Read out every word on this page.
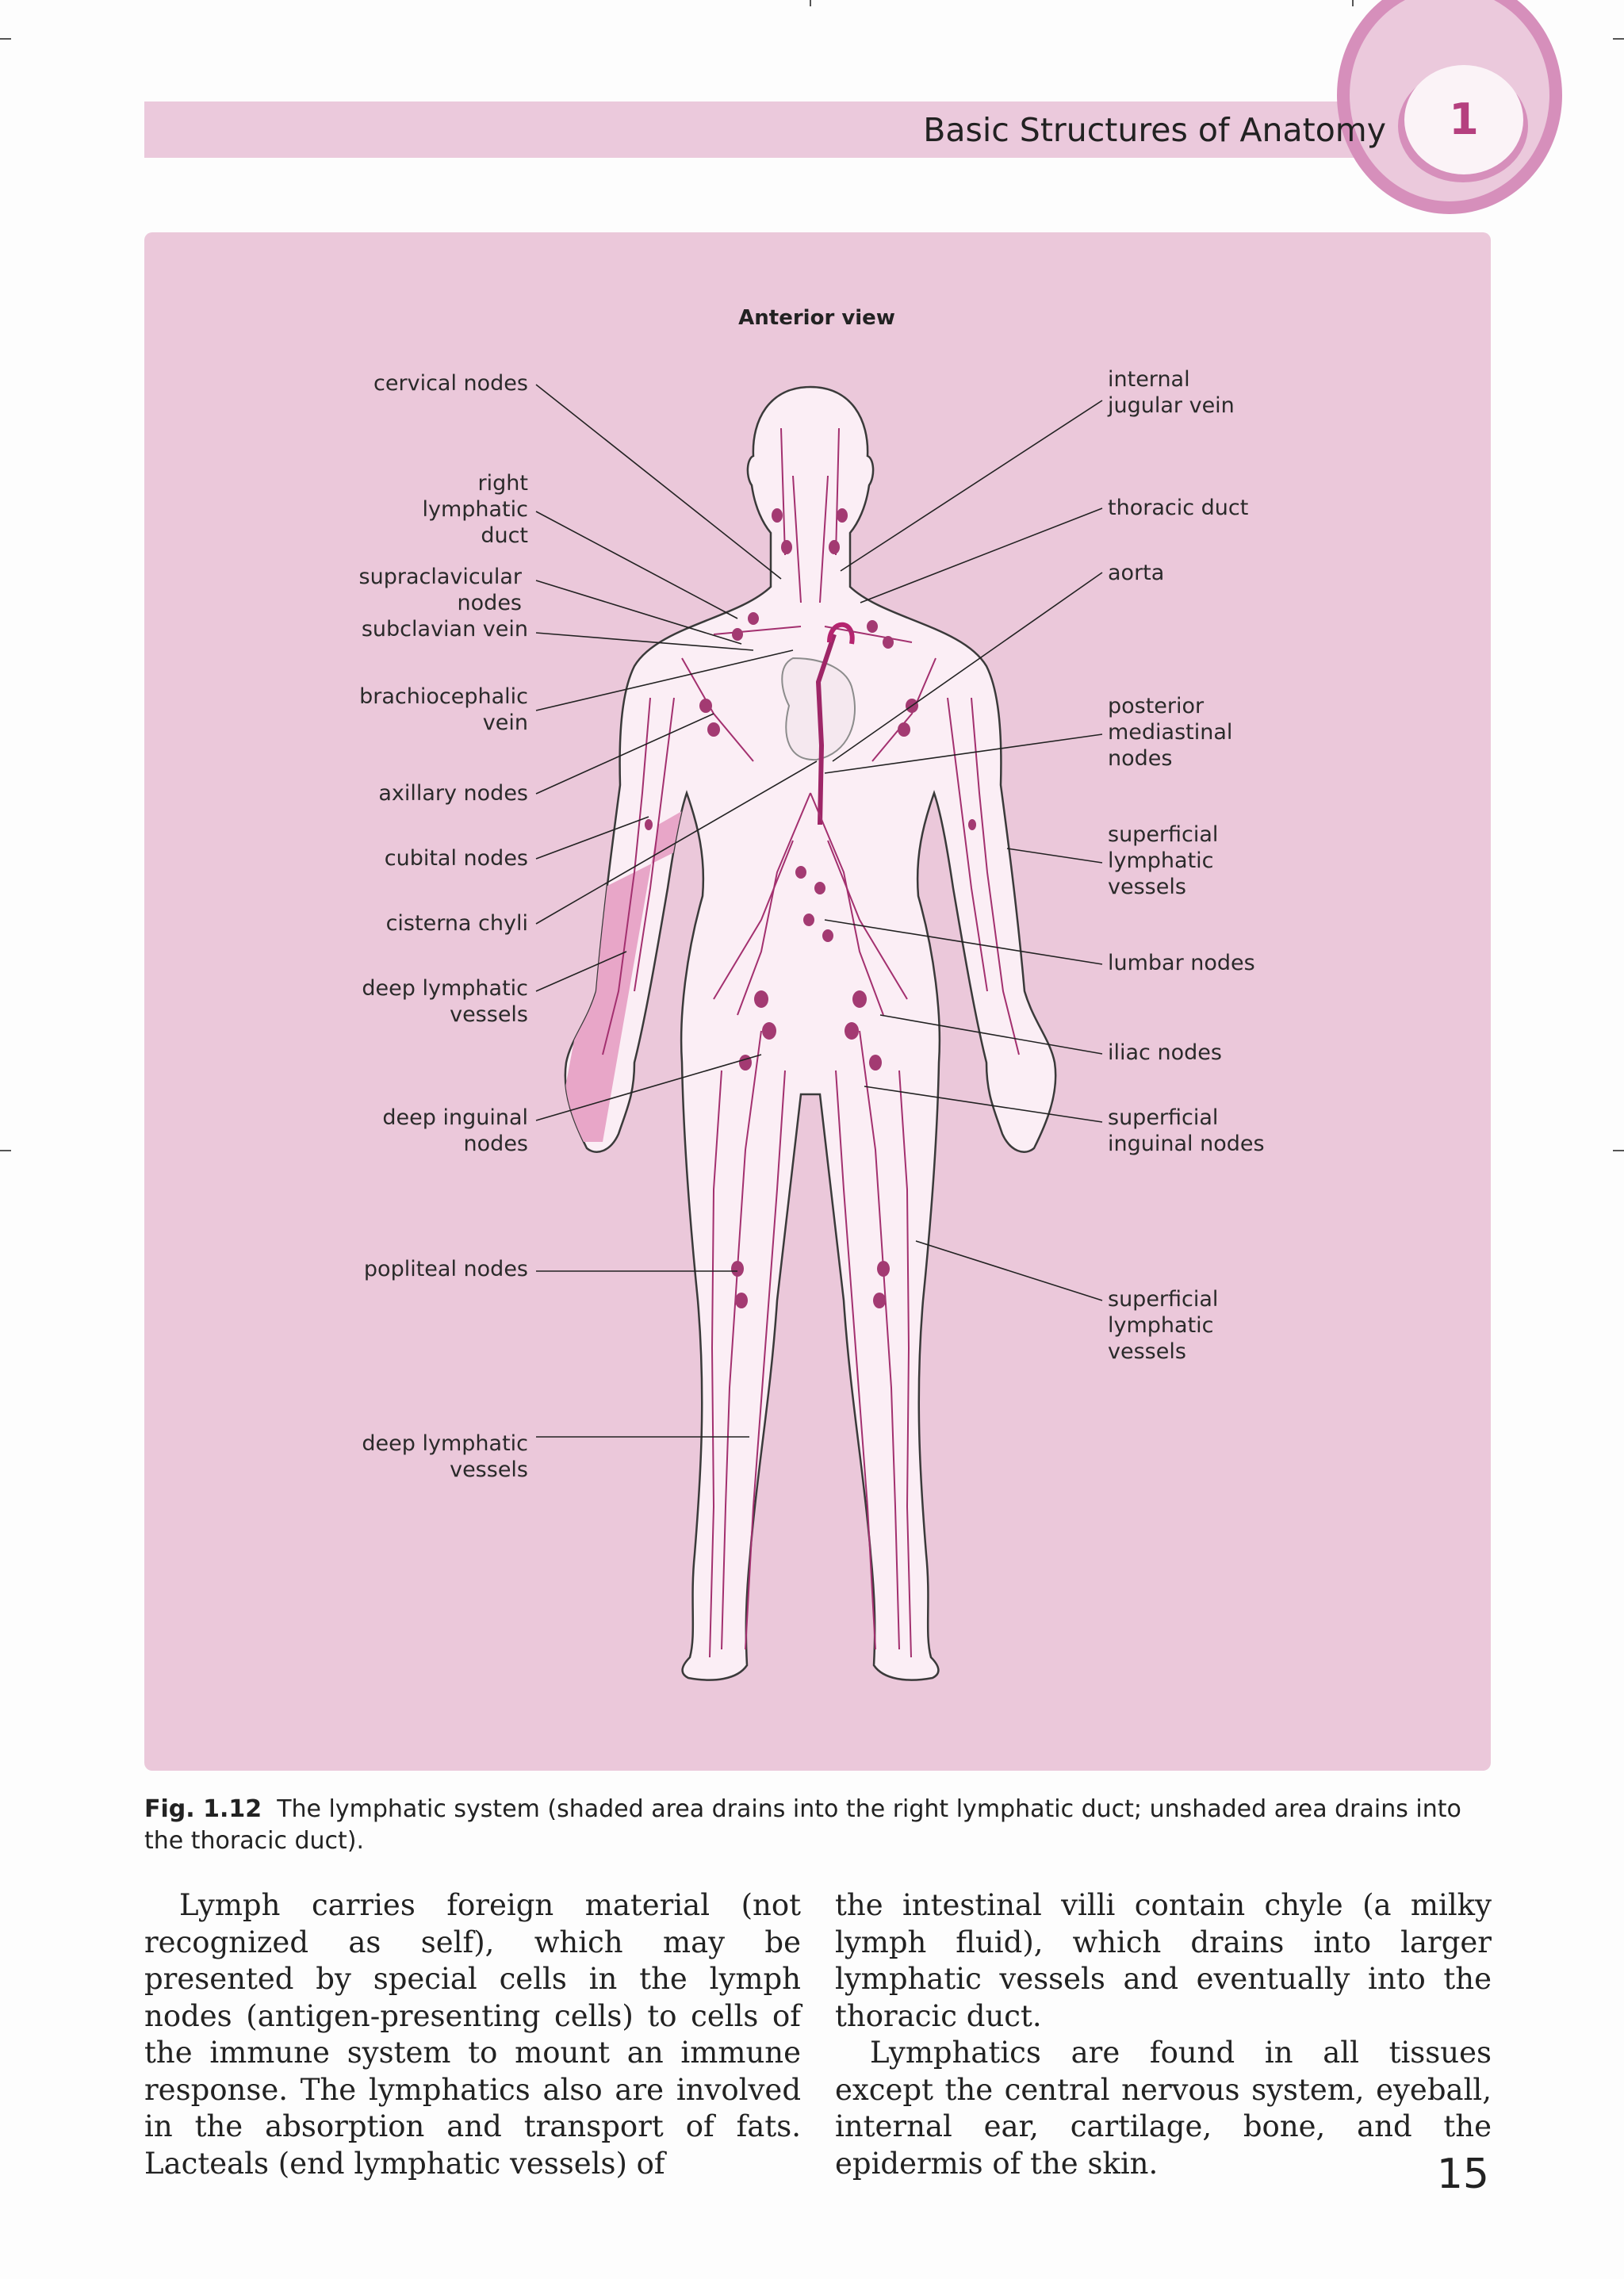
1
Basic Structures of Anatomy
Anterior view
cervical nodes
right
lymphatic
duct
supraclavicular nodes
subclavian vein
brachiocephalic
vein
axillary nodes
cubital nodes
cisterna chyli
deep lymphatic
vessels
deep inguinal
nodes
popliteal nodes
deep lymphatic
vessels
internal
jugular vein
thoracic duct
aorta
posterior
mediastinal
nodes
superficial
lymphatic
vessels
lumbar nodes
iliac nodes
superficial
inguinal nodes
superficial
lymphatic
vessels
Fig. 1.12 The lymphatic system (shaded area drains into the right lymphatic duct; unshaded area drains into the thoracic duct).

Lymph carries foreign material (not recognized as self), which may be presented by special cells in the lymph nodes (antigen-presenting cells) to cells of the immune system to mount an immune response. The lymphatics also are involved in the absorption and transport of fats. Lacteals (end lymphatic vessels) of

the intestinal villi contain chyle (a milky lymph fluid), which drains into larger lymphatic vessels and eventually into the thoracic duct.

Lymphatics are found in all tissues except the central nervous system, eyeball, internal ear, cartilage, bone, and the epidermis of the skin.	15
